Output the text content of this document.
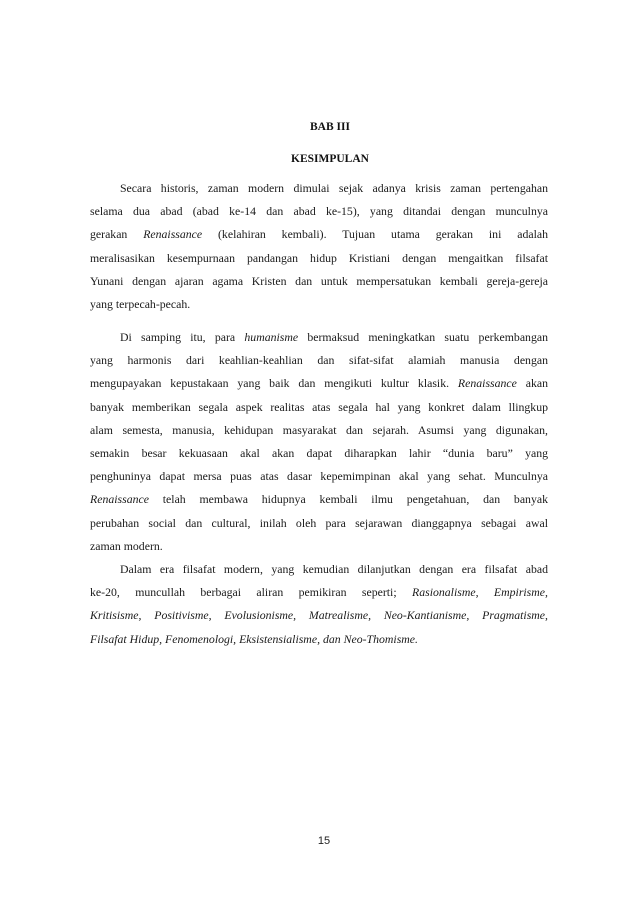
BAB III
KESIMPULAN
Secara historis, zaman modern dimulai sejak adanya krisis zaman pertengahan
selama dua abad (abad ke-14 dan abad ke-15), yang ditandai dengan munculnya
gerakan Renaissance (kelahiran kembali). Tujuan utama gerakan ini adalah
meralisasikan kesempurnaan pandangan hidup Kristiani dengan mengaitkan filsafat
Yunani dengan ajaran agama Kristen dan untuk mempersatukan kembali gereja-gereja
yang terpecah-pecah.
Di samping itu, para humanisme bermaksud meningkatkan suatu perkembangan
yang harmonis dari keahlian-keahlian dan sifat-sifat alamiah manusia dengan
mengupayakan kepustakaan yang baik dan mengikuti kultur klasik. Renaissance akan
banyak memberikan segala aspek realitas atas segala hal yang konkret dalam llingkup
alam semesta, manusia, kehidupan masyarakat dan sejarah. Asumsi yang digunakan,
semakin besar kekuasaan akal akan dapat diharapkan lahir “dunia baru” yang
penghuninya dapat mersa puas atas dasar kepemimpinan akal yang sehat. Munculnya
Renaissance telah membawa hidupnya kembali ilmu pengetahuan, dan banyak
perubahan social dan cultural, inilah oleh para sejarawan dianggapnya sebagai awal
zaman modern.
Dalam era filsafat modern, yang kemudian dilanjutkan dengan era filsafat abad
ke-20, muncullah berbagai aliran pemikiran seperti; Rasionalisme, Empirisme,
Kritisisme, Positivisme, Evolusionisme, Matrealisme, Neo-Kantianisme, Pragmatisme,
Filsafat Hidup, Fenomenologi, Eksistensialisme, dan Neo-Thomisme.
15
